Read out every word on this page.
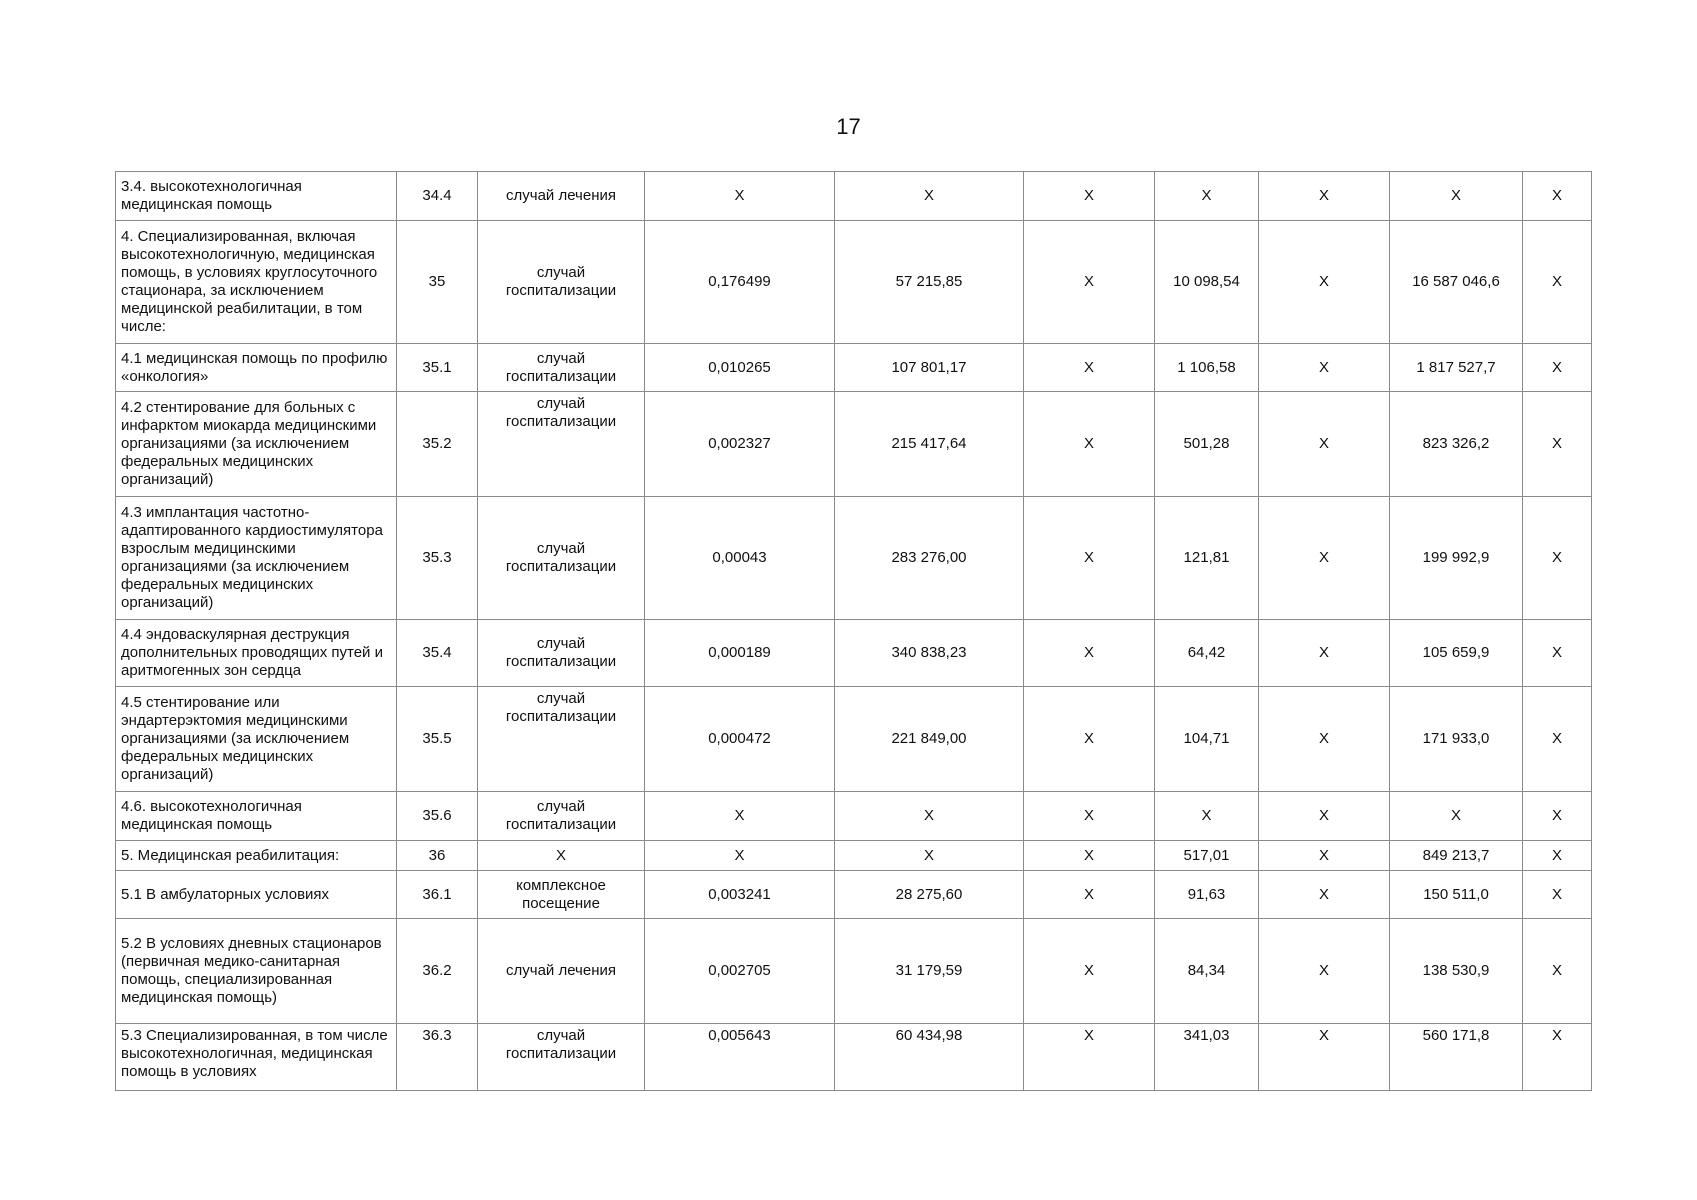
17
3.4. высокотехнологичная медицинская помощь	34.4	случай лечения	Х	Х	Х	Х	Х	Х	Х
4. Специализированная, включая высокотехнологичную, медицинская помощь, в условиях круглосуточного стационара, за исключением медицинской реабилитации, в том числе:	35	случай госпитализации	0,176499	57 215,85	Х	10 098,54	Х	16 587 046,6	Х
4.1 медицинская помощь по профилю «онкология»	35.1	случай госпитализации	0,010265	107 801,17	Х	1 106,58	Х	1 817 527,7	Х
4.2 стентирование для больных с инфарктом миокарда медицинскими организациями (за исключением федеральных медицинских организаций)	35.2	случай госпитализации	0,002327	215 417,64	Х	501,28	Х	823 326,2	Х
4.3 имплантация частотно-адаптированного кардиостимулятора взрослым медицинскими организациями (за исключением федеральных медицинских организаций)	35.3	случай госпитализации	0,00043	283 276,00	Х	121,81	Х	199 992,9	Х
4.4 эндоваскулярная деструкция дополнительных проводящих путей и аритмогенных зон сердца	35.4	случай госпитализации	0,000189	340 838,23	Х	64,42	Х	105 659,9	Х
4.5 стентирование или эндартерэктомия медицинскими организациями (за исключением федеральных медицинских организаций)	35.5	случай госпитализации	0,000472	221 849,00	Х	104,71	Х	171 933,0	Х
4.6. высокотехнологичная медицинская помощь	35.6	случай госпитализации	Х	Х	Х	Х	Х	Х	Х
5. Медицинская реабилитация:	36	Х	Х	Х	Х	517,01	Х	849 213,7	Х
5.1 В амбулаторных условиях	36.1	комплексное посещение	0,003241	28 275,60	Х	91,63	Х	150 511,0	Х
5.2 В условиях дневных стационаров (первичная медико-санитарная помощь, специализированная медицинская помощь)	36.2	случай лечения	0,002705	31 179,59	Х	84,34	Х	138 530,9	Х
5.3 Специализированная, в том числе высокотехнологичная, медицинская помощь в условиях	36.3	случай госпитализации	0,005643	60 434,98	Х	341,03	Х	560 171,8	Х
